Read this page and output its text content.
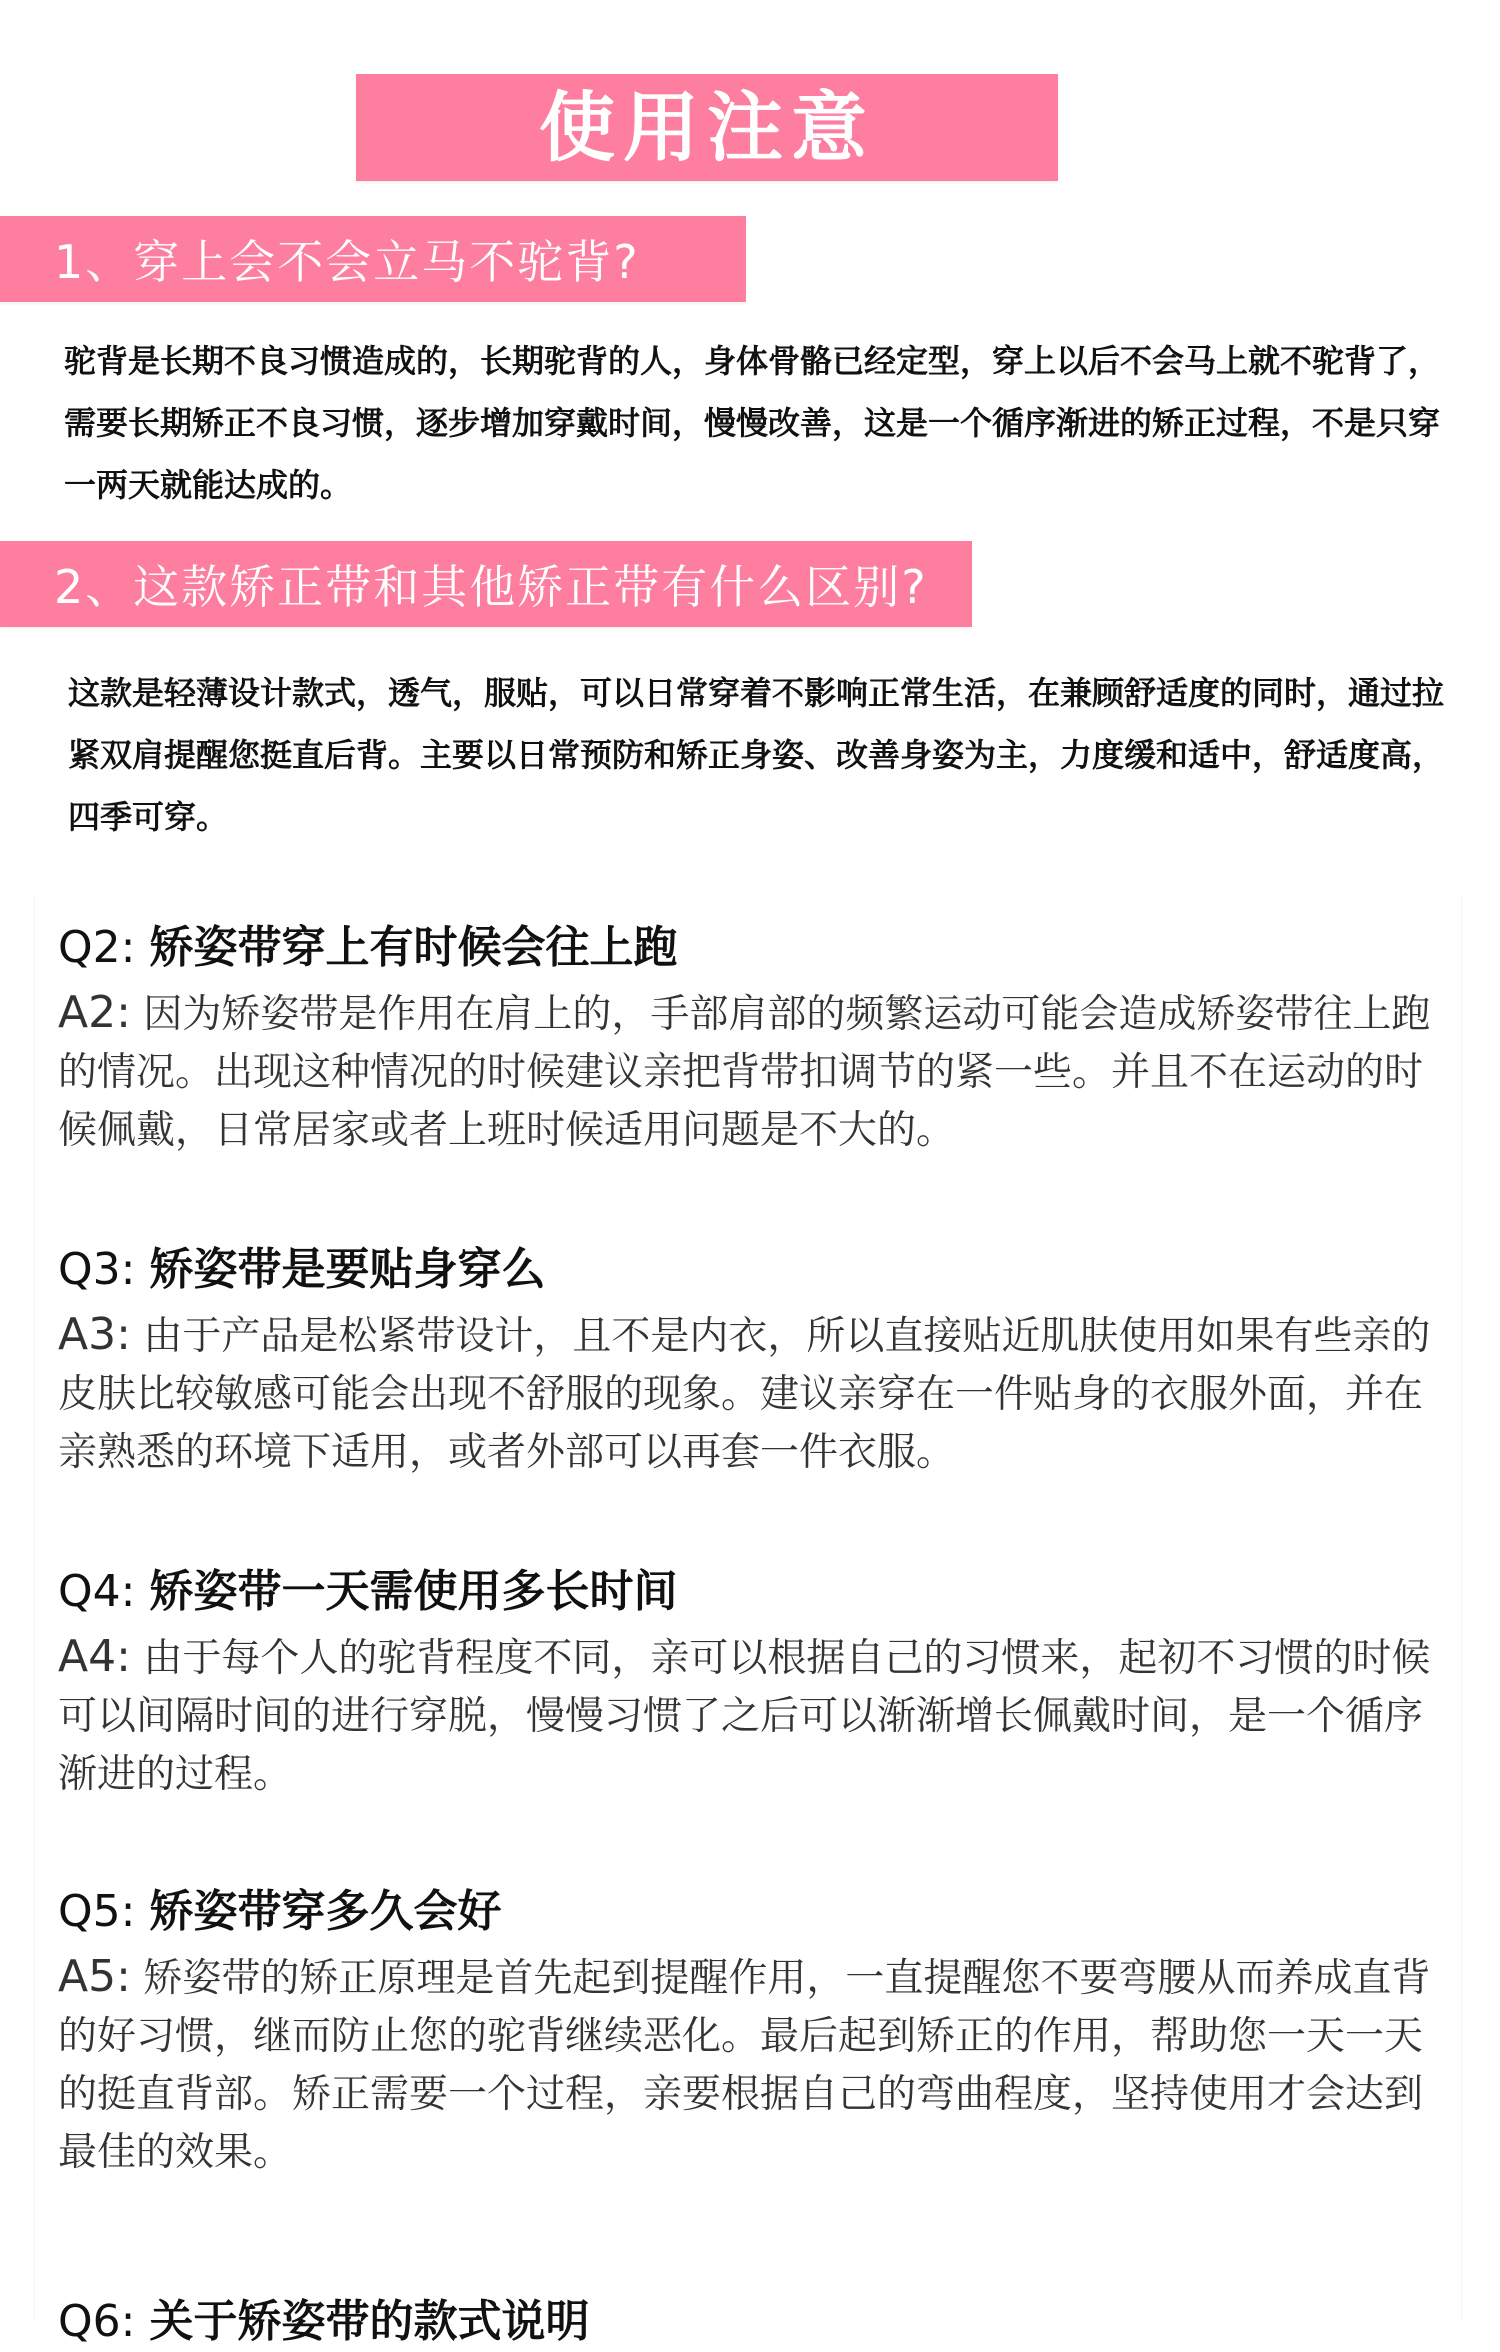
使用注意
1、穿上会不会立马不驼背?
驼背是长期不良习惯造成的，长期驼背的人，身体骨骼已经定型，穿上以后不会马上就不驼背了，需要长期矫正不良习惯，逐步增加穿戴时间，慢慢改善，这是一个循序渐进的矫正过程，不是只穿一两天就能达成的。
2、这款矫正带和其他矫正带有什么区别?
这款是轻薄设计款式，透气，服贴，可以日常穿着不影响正常生活，在兼顾舒适度的同时，通过拉紧双肩提醒您挺直后背。主要以日常预防和矫正身姿、改善身姿为主，力度缓和适中，舒适度高，四季可穿。
Q2: 矫姿带穿上有时候会往上跑
A2: 因为矫姿带是作用在肩上的，手部肩部的频繁运动可能会造成矫姿带往上跑的情况。出现这种情况的时候建议亲把背带扣调节的紧一些。并且不在运动的时候佩戴，日常居家或者上班时候适用问题是不大的。
Q3: 矫姿带是要贴身穿么
A3: 由于产品是松紧带设计，且不是内衣，所以直接贴近肌肤使用如果有些亲的皮肤比较敏感可能会出现不舒服的现象。建议亲穿在一件贴身的衣服外面，并在亲熟悉的环境下适用，或者外部可以再套一件衣服。
Q4: 矫姿带一天需使用多长时间
A4: 由于每个人的驼背程度不同，亲可以根据自己的习惯来，起初不习惯的时候可以间隔时间的进行穿脱，慢慢习惯了之后可以渐渐增长佩戴时间，是一个循序渐进的过程。
Q5: 矫姿带穿多久会好
A5: 矫姿带的矫正原理是首先起到提醒作用，一直提醒您不要弯腰从而养成直背的好习惯，继而防止您的驼背继续恶化。最后起到矫正的作用，帮助您一天一天的挺直背部。矫正需要一个过程，亲要根据自己的弯曲程度，坚持使用才会达到最佳的效果。
Q6: 关于矫姿带的款式说明
